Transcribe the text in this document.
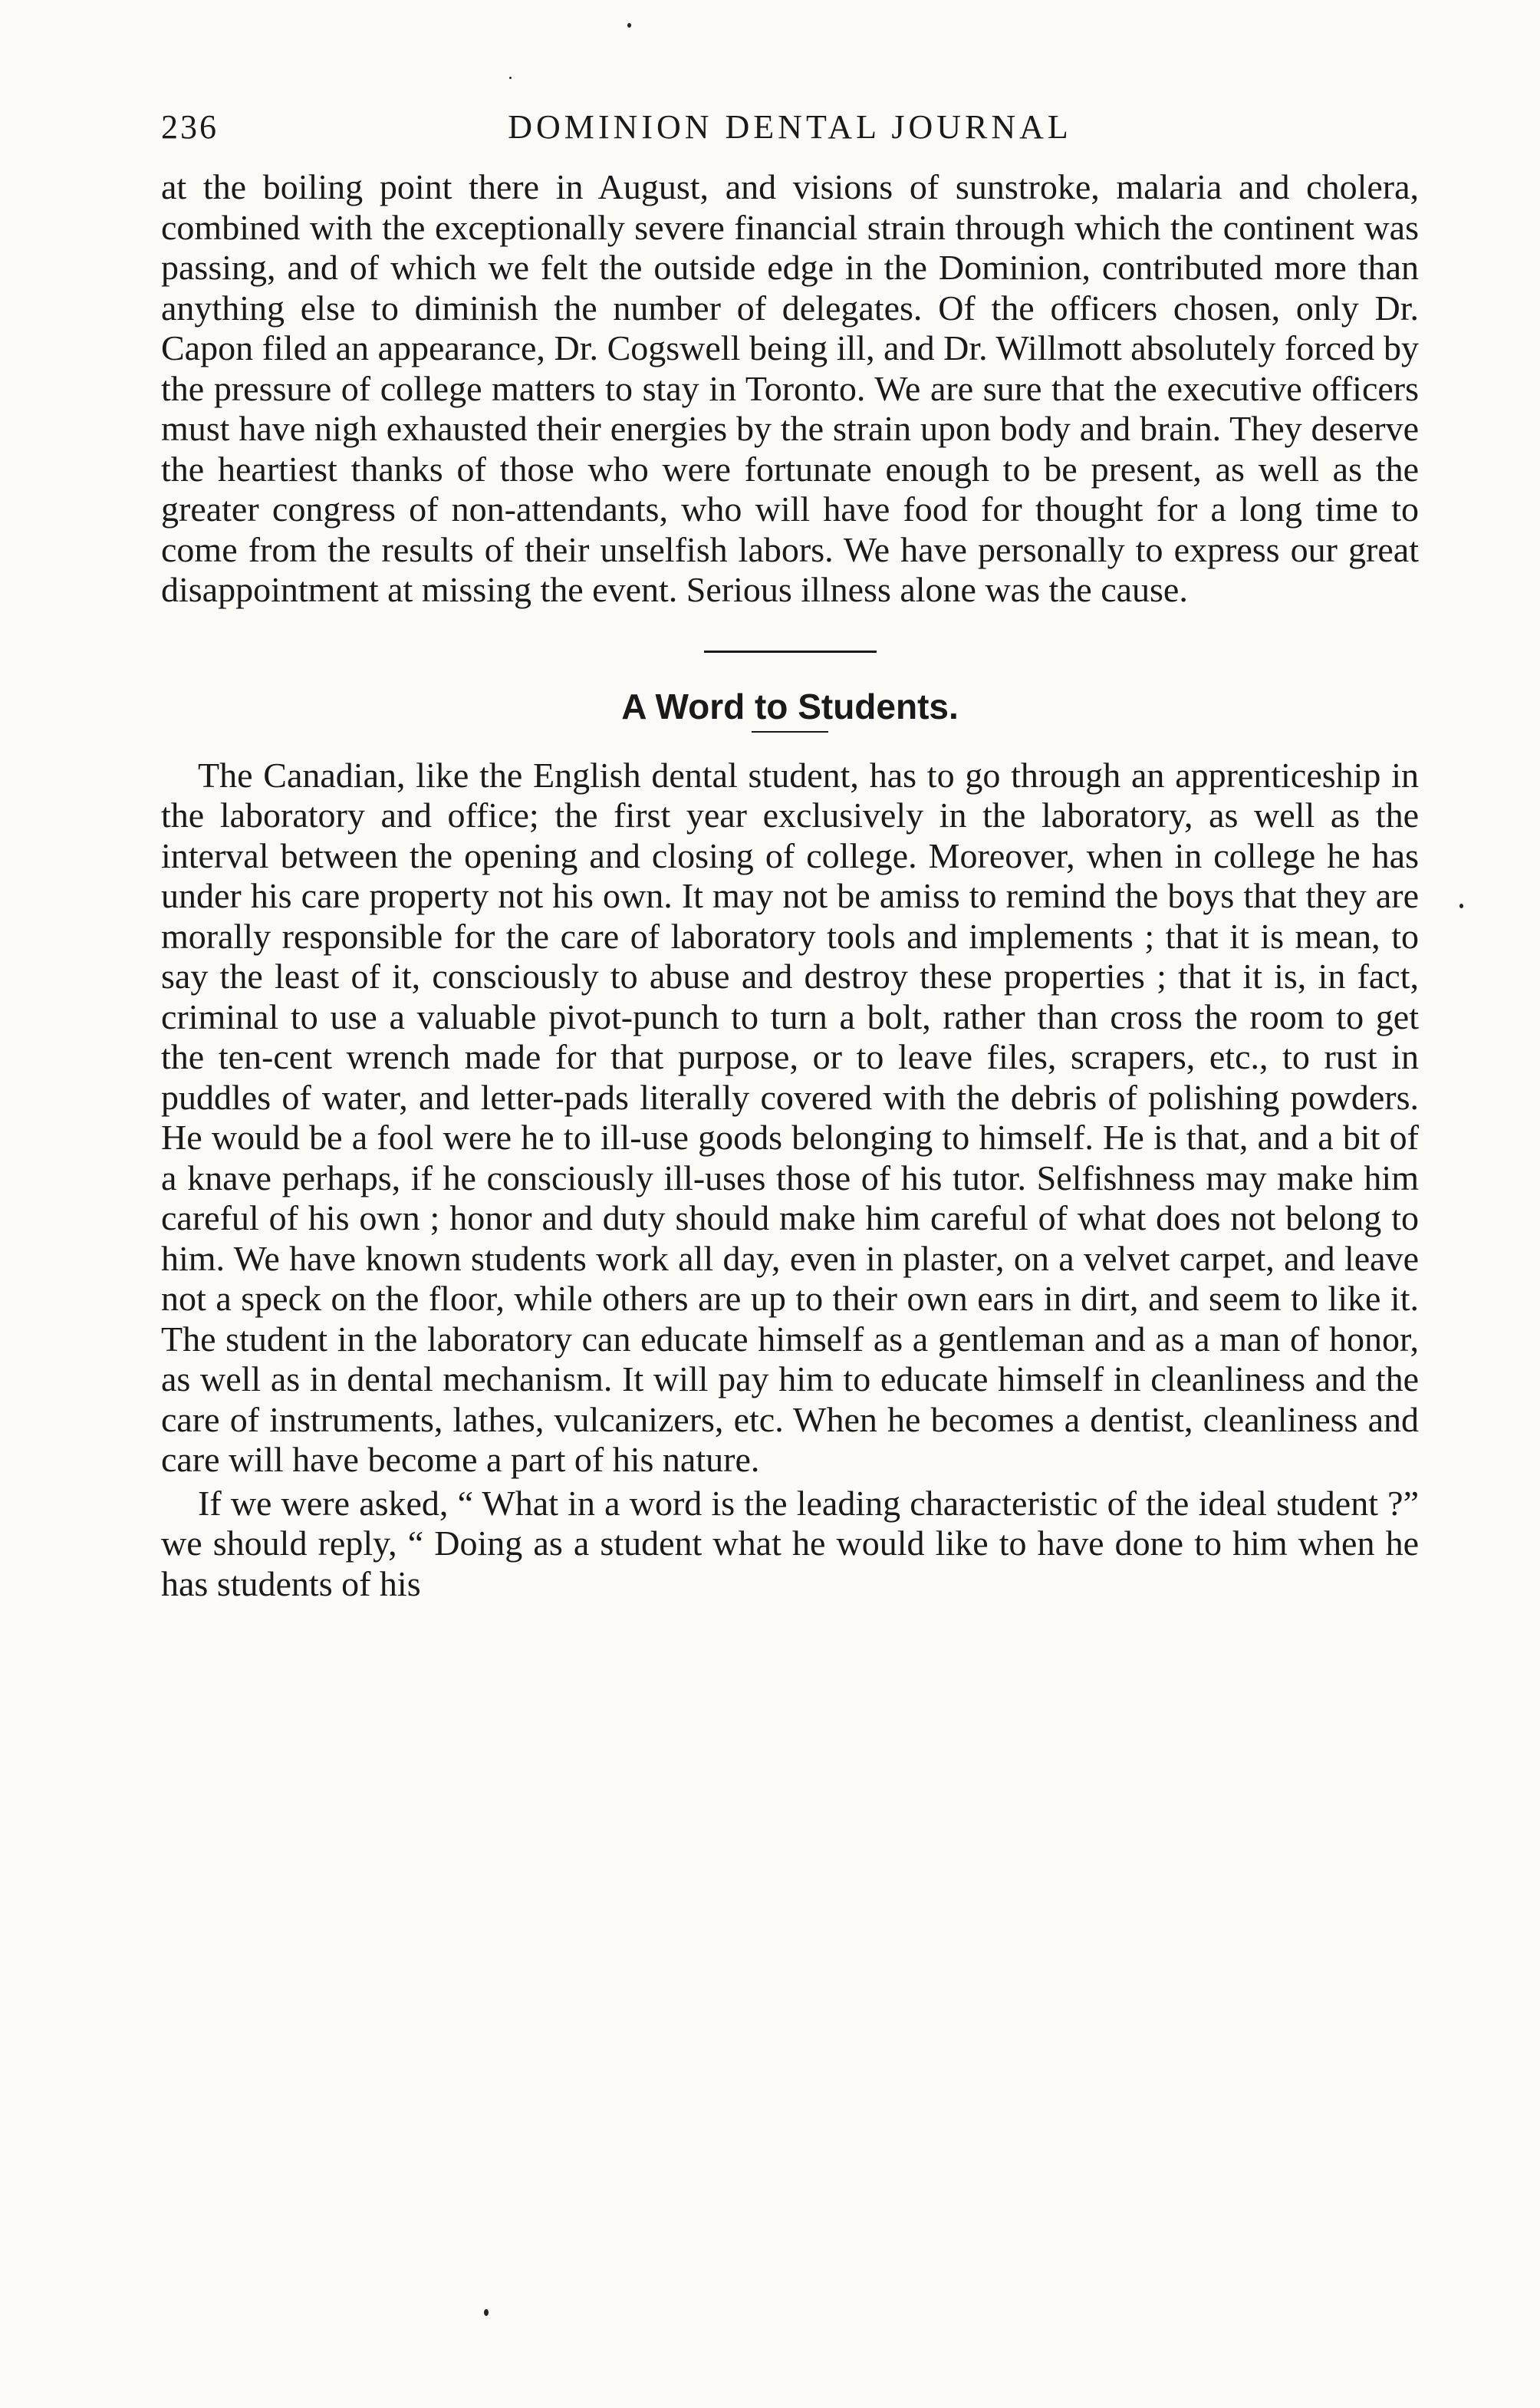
236	DOMINION DENTAL JOURNAL

at the boiling point there in August, and visions of sunstroke, malaria and cholera, combined with the exceptionally severe financial strain through which the continent was passing, and of which we felt the outside edge in the Dominion, contributed more than anything else to diminish the number of delegates. Of the officers chosen, only Dr. Capon filed an appearance, Dr. Cogswell being ill, and Dr. Willmott absolutely forced by the pressure of college matters to stay in Toronto. We are sure that the executive officers must have nigh exhausted their energies by the strain upon body and brain. They deserve the heartiest thanks of those who were fortunate enough to be present, as well as the greater congress of non-attendants, who will have food for thought for a long time to come from the results of their unselfish labors. We have personally to express our great disappointment at missing the event. Serious illness alone was the cause.

A Word to Students.

The Canadian, like the English dental student, has to go through an apprenticeship in the laboratory and office; the first year exclusively in the laboratory, as well as the interval between the opening and closing of college. Moreover, when in college he has under his care property not his own. It may not be amiss to remind the boys that they are morally responsible for the care of laboratory tools and implements ; that it is mean, to say the least of it, consciously to abuse and destroy these properties ; that it is, in fact, criminal to use a valuable pivot-punch to turn a bolt, rather than cross the room to get the ten-cent wrench made for that purpose, or to leave files, scrapers, etc., to rust in puddles of water, and letter-pads literally covered with the debris of polishing powders. He would be a fool were he to ill-use goods belonging to himself. He is that, and a bit of a knave perhaps, if he consciously ill-uses those of his tutor. Selfishness may make him careful of his own ; honor and duty should make him careful of what does not belong to him. We have known students work all day, even in plaster, on a velvet carpet, and leave not a speck on the floor, while others are up to their own ears in dirt, and seem to like it. The student in the laboratory can educate himself as a gentleman and as a man of honor, as well as in dental mechanism. It will pay him to educate himself in cleanliness and the care of instruments, lathes, vulcanizers, etc. When he becomes a dentist, cleanliness and care will have become a part of his nature.

If we were asked, “ What in a word is the leading characteristic of the ideal student ?” we should reply, “ Doing as a student what he would like to have done to him when he has students of his
